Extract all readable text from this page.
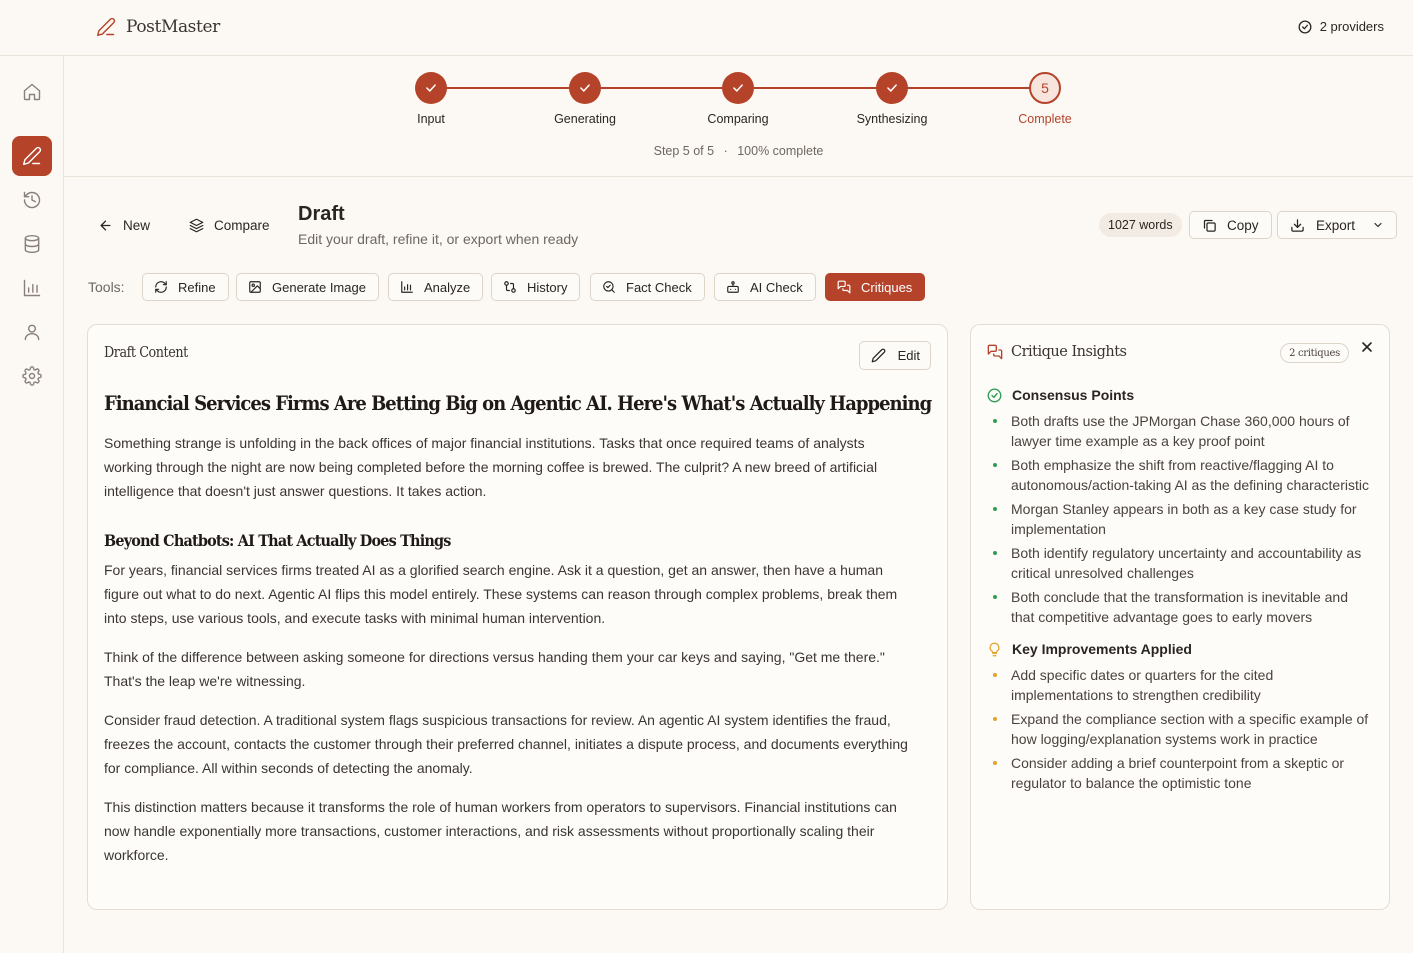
PostMaster	2 providers
Input	Generating	Comparing	Synthesizing
5
Complete
Step 5 of 5 · 100% complete
New	Compare Draft
Edit your draft, refine it, or export when ready
1027 words	Copy	Export
Tools:	Refine	Generate Image	Analyze	History	Fact Check	AI Check	Critiques
Draft Content	Edit
Financial Services Firms Are Betting Big on Agentic AI. Here's What's Actually Happening

Something strange is unfolding in the back offices of major financial institutions. Tasks that once required teams of analysts working through the night are now being completed before the morning coffee is brewed. The culprit? A new breed of artificial intelligence that doesn't just answer questions. It takes action.

Beyond Chatbots: AI That Actually Does Things

For years, financial services firms treated AI as a glorified search engine. Ask it a question, get an answer, then have a human figure out what to do next. Agentic AI flips this model entirely. These systems can reason through complex problems, break them into steps, use various tools, and execute tasks with minimal human intervention.

Think of the difference between asking someone for directions versus handing them your car keys and saying, "Get me there." That's the leap we're witnessing.

Consider fraud detection. A traditional system flags suspicious transactions for review. An agentic AI system identifies the fraud, freezes the account, contacts the customer through their preferred channel, initiates a dispute process, and documents everything for compliance. All within seconds of detecting the anomaly.

This distinction matters because it transforms the role of human workers from operators to supervisors. Financial institutions can now handle exponentially more transactions, customer interactions, and risk assessments without proportionally scaling their workforce.

Critique Insights	2 critiques
Consensus Points
Both drafts use the JPMorgan Chase 360,000 hours of lawyer time example as a key proof point
Both emphasize the shift from reactive/flagging AI to autonomous/action-taking AI as the defining characteristic
Morgan Stanley appears in both as a key case study for implementation
Both identify regulatory uncertainty and accountability as critical unresolved challenges
Both conclude that the transformation is inevitable and that competitive advantage goes to early movers
Key Improvements Applied
Add specific dates or quarters for the cited implementations to strengthen credibility
Expand the compliance section with a specific example of how logging/explanation systems work in practice
Consider adding a brief counterpoint from a skeptic or regulator to balance the optimistic tone
